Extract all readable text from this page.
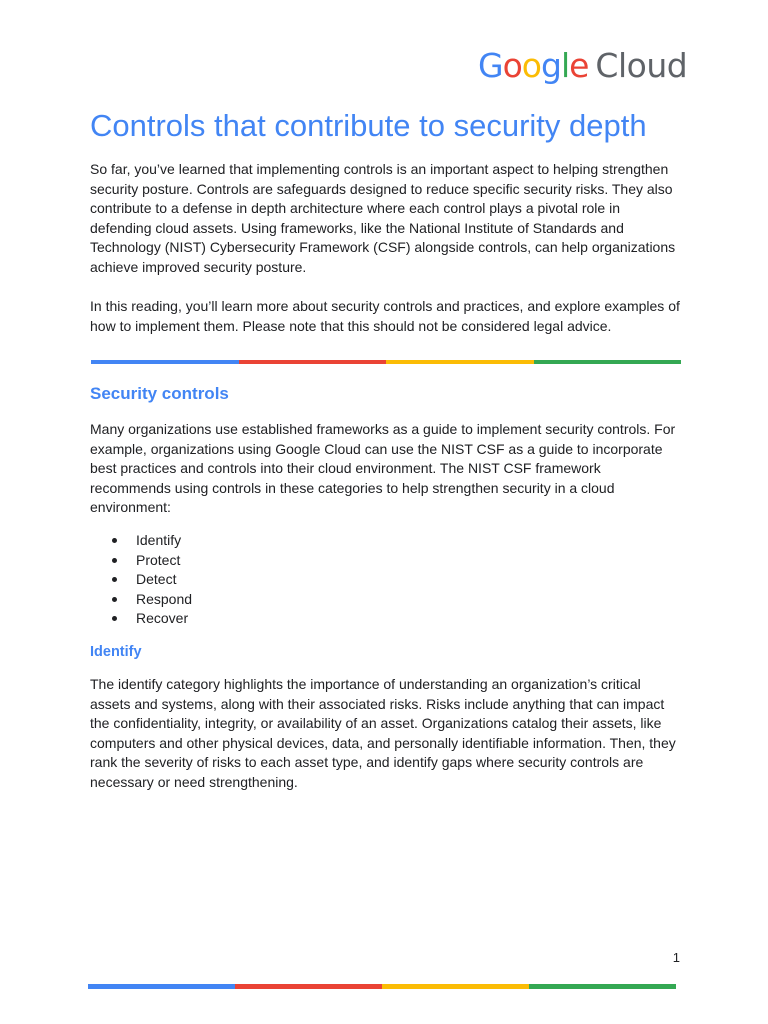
Google Cloud
Controls that contribute to security depth

So far, you’ve learned that implementing controls is an important aspect to helping strengthen security posture. Controls are safeguards designed to reduce specific security risks. They also contribute to a defense in depth architecture where each control plays a pivotal role in defending cloud assets. Using frameworks, like the National Institute of Standards and Technology (NIST) Cybersecurity Framework (CSF) alongside controls, can help organizations achieve improved security posture.

In this reading, you’ll learn more about security controls and practices, and explore examples of how to implement them. Please note that this should not be considered legal advice.

Security controls

Many organizations use established frameworks as a guide to implement security controls. For example, organizations using Google Cloud can use the NIST CSF as a guide to incorporate best practices and controls into their cloud environment. The NIST CSF framework recommends using controls in these categories to help strengthen security in a cloud environment:

Identify
Protect
Detect
Respond
Recover
Identify

The identify category highlights the importance of understanding an organization’s critical assets and systems, along with their associated risks. Risks include anything that can impact the confidentiality, integrity, or availability of an asset. Organizations catalog their assets, like computers and other physical devices, data, and personally identifiable information. Then, they rank the severity of risks to each asset type, and identify gaps where security controls are necessary or need strengthening.

1
